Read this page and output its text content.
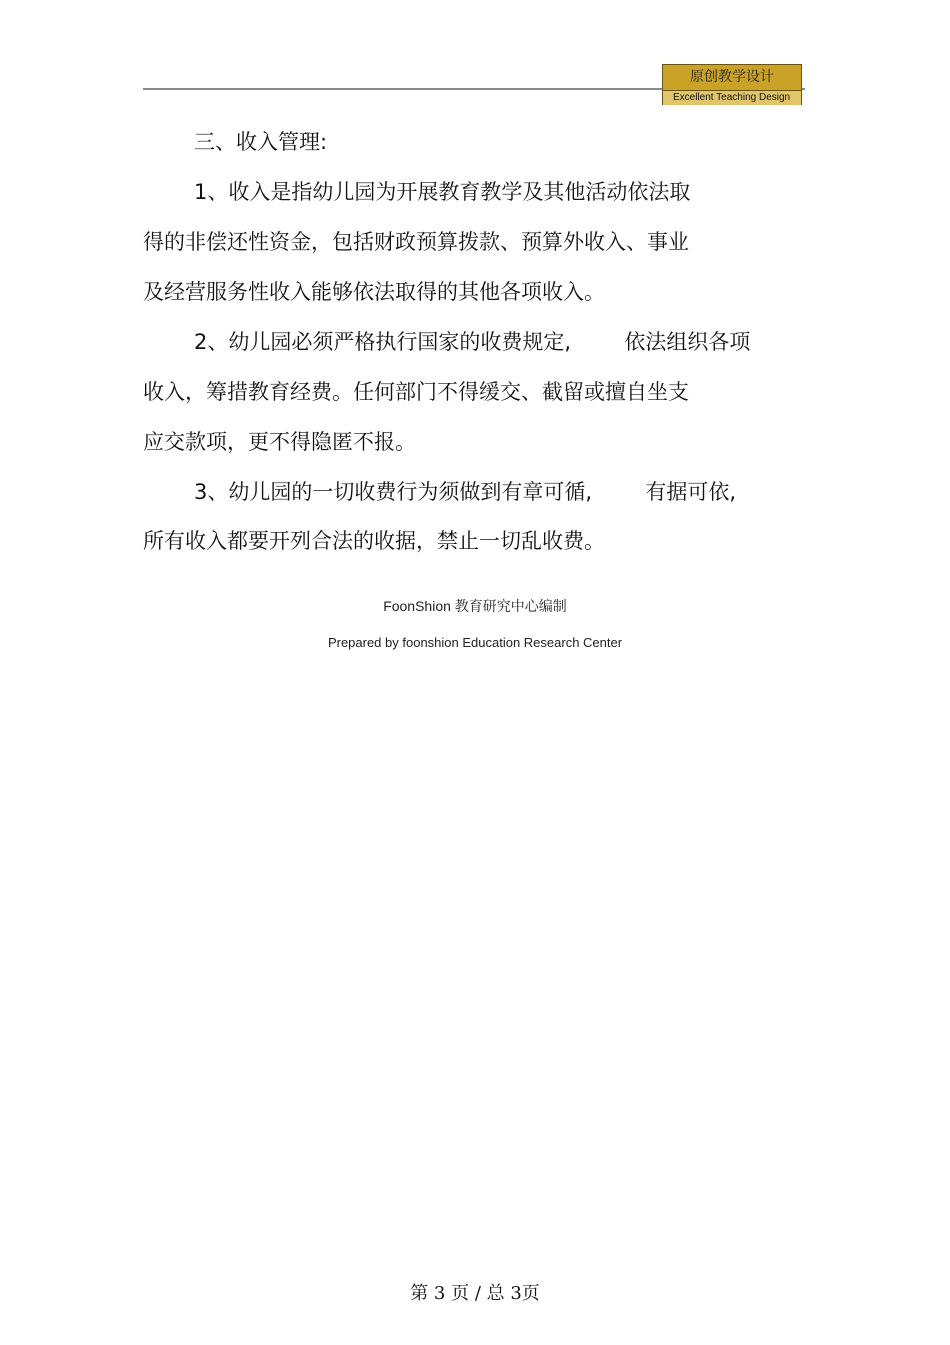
原创教学设计
Excellent Teaching Design
三、收入管理:
1、收入是指幼儿园为开展教育教学及其他活动依法取
得的非偿还性资金，包括财政预算拨款、预算外收入、事业
及经营服务性收入能够依法取得的其他各项收入。
2、幼儿园必须严格执行国家的收费规定,        依法组织各项
收入，筹措教育经费。任何部门不得缓交、截留或擅自坐支
应交款项，更不得隐匿不报。
3、幼儿园的一切收费行为须做到有章可循,        有据可依,
所有收入都要开列合法的收据，禁止一切乱收费。
FoonShion 教育研究中心编制
Prepared by foonshion Education Research Center
第 3 页 / 总 3页
